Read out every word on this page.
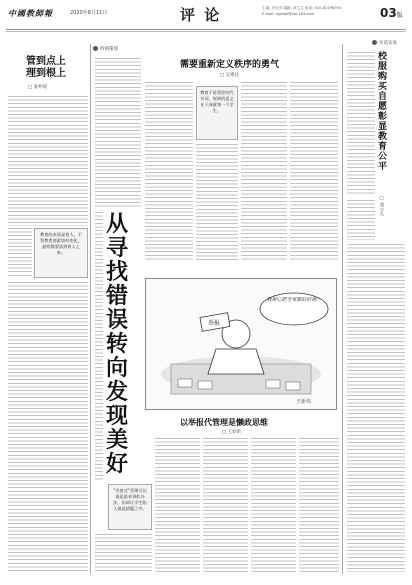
中國教師報	2020年8月11日	评 论	主编: 冯永亮 编辑: 冉艾文 电话: 010-82296794
E-mail: zgjsbpl@vip.163.com	03版
特别策划
管到点上
理到根上
□ 张仲道
教育的本质是育人，不管教育要素如何变化，最终都要落到育人上来。
从寻找错误转向发现美好
“告密式”管理可以说是最省事的办法，但却让学生陷入彼此猜疑之中。
需要重新定义秩序的勇气
□ 吴惠达
教育不是管控的代名词，规则的意义在于成就每一个学生。
举报
我用心把全家都好好换！
王新伟
以举报代管理是懒政思维
□ 王姣昕
实话实说
校服购买自愿彰显教育公平
□ 黄小兵
